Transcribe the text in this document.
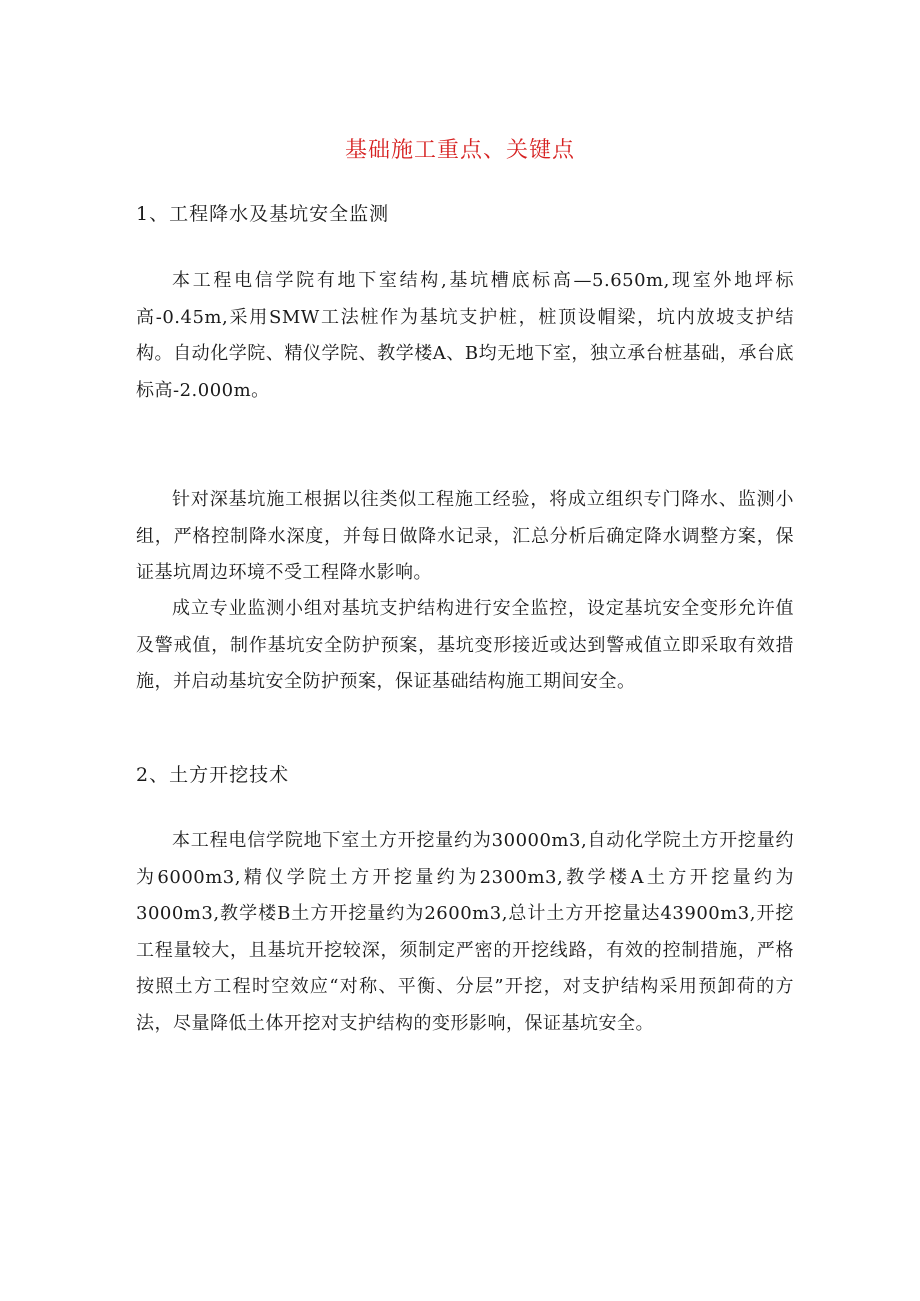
基础施工重点、关键点
1、工程降水及基坑安全监测

本工程电信学院有地下室结构,基坑槽底标高—5.650m,现室外地坪标高-0.45m,采用SMW工法桩作为基坑支护桩，桩顶设帽梁，坑内放坡支护结构。自动化学院、精仪学院、教学楼A、B均无地下室，独立承台桩基础，承台底标高-2.000m。

针对深基坑施工根据以往类似工程施工经验，将成立组织专门降水、监测小组，严格控制降水深度，并每日做降水记录，汇总分析后确定降水调整方案，保证基坑周边环境不受工程降水影响。

成立专业监测小组对基坑支护结构进行安全监控，设定基坑安全变形允许值及警戒值，制作基坑安全防护预案，基坑变形接近或达到警戒值立即采取有效措施，并启动基坑安全防护预案，保证基础结构施工期间安全。

2、土方开挖技术

本工程电信学院地下室土方开挖量约为30000m3,自动化学院土方开挖量约为6000m3,精仪学院土方开挖量约为2300m3,教学楼A土方开挖量约为3000m3,教学楼B土方开挖量约为2600m3,总计土方开挖量达43900m3,开挖工程量较大，且基坑开挖较深，须制定严密的开挖线路，有效的控制措施，严格按照土方工程时空效应“对称、平衡、分层”开挖，对支护结构采用预卸荷的方法，尽量降低土体开挖对支护结构的变形影响，保证基坑安全。
